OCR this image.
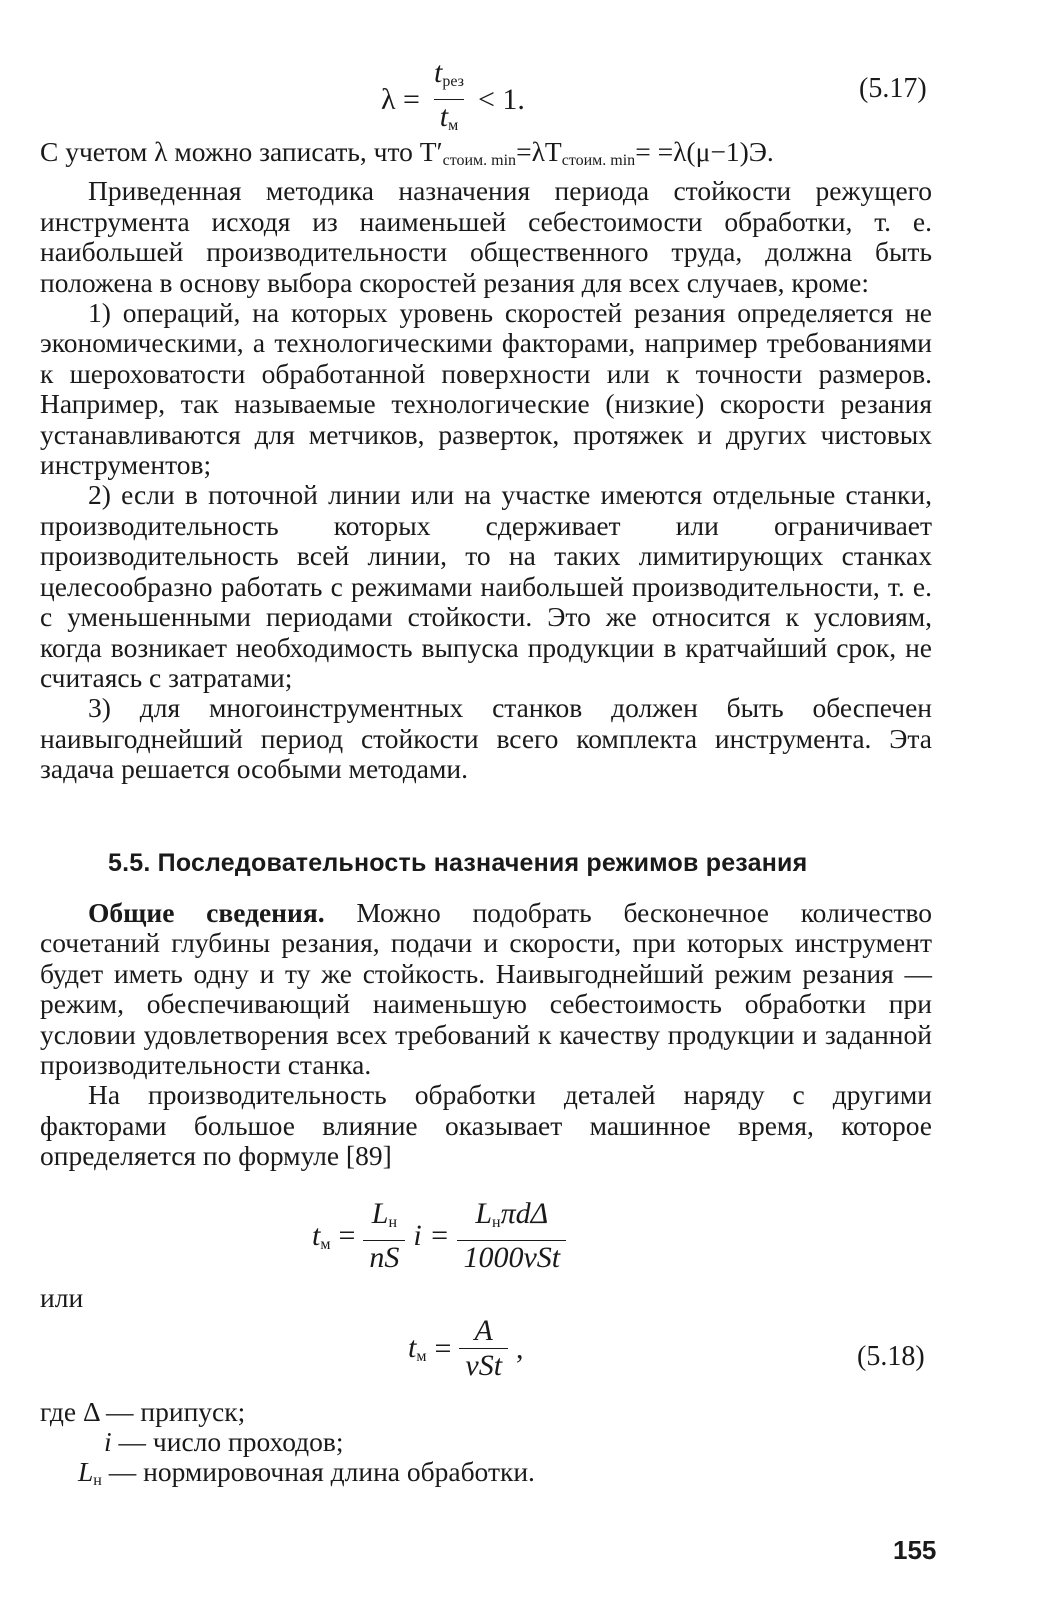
$\lambda = \frac{t_{рез}}{t_м} < 1$.	(5.17)

С учетом λ можно записать, что $T'_{стоим. min}=\lambda T_{стоим. min}= =\lambda(\mu-1)Э$.

Приведенная методика назначения периода стойкости режущего инструмента исходя из наименьшей себестоимости обработки, т. е. наибольшей производительности общественного труда, должна быть положена в основу выбора скоростей резания для всех случаев, кроме:

1) операций, на которых уровень скоростей резания определяется не экономическими, а технологическими факторами, например требованиями к шероховатости обработанной поверхности или к точности размеров. Например, так называемые технологические (низкие) скорости резания устанавливаются для метчиков, разверток, протяжек и других чистовых инструментов;

2) если в поточной линии или на участке имеются отдельные станки, производительность которых сдерживает или ограничивает производительность всей линии, то на таких лимитирующих станках целесообразно работать с режимами наибольшей производительности, т. е. с уменьшенными периодами стойкости. Это же относится к условиям, когда возникает необходимость выпуска продукции в кратчайший срок, не считаясь с затратами;

3) для многоинструментных станков должен быть обеспечен наивыгоднейший период стойкости всего комплекта инструмента. Эта задача решается особыми методами.

5.5. Последовательность назначения режимов резания

Общие сведения. Можно подобрать бесконечное количество сочетаний глубины резания, подачи и скорости, при которых инструмент будет иметь одну и ту же стойкость. Наивыгоднейший режим резания — режим, обеспечивающий наименьшую себестоимость обработки при условии удовлетворения всех требований к качеству продукции и заданной производительности станка.

На производительность обработки деталей наряду с другими факторами большое влияние оказывает машинное время, которое определяется по формуле [89]

$t_м = \frac{L_н}{nS}$ $i = \frac{L_н\pi d\Delta}{\text{1000vSt}}$
или
$t_м = \frac{A}{\text{vSt}}$ ,	(5.18)
где Δ — припуск;
i — число проходов;
$L_н$ — нормировочная длина обработки.
155
